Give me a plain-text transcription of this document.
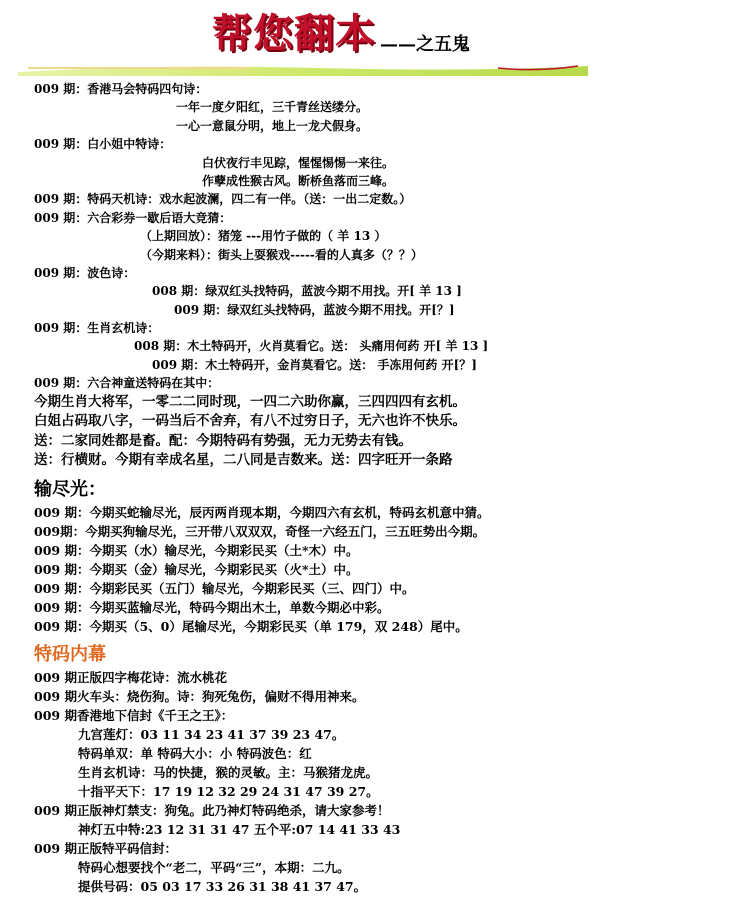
帮您翻本 ——之五鬼
009 期：香港马会特码四句诗：
一年一度夕阳红，三千青丝送缕分。
一心一意鼠分明，地上一龙犬假身。
009 期：白小姐中特诗：
白伏夜行丰见踪，惺惺惕惕一来往。
作孽成性猴古风。断桥鱼落而三峰。
009 期：特码天机诗：戏水起波澜，四二有一伴。（送：一出二定数。）
009 期：六合彩券一歇后语大竞猜：
（上期回放）：猪笼 ---用竹子做的（ 羊 13 ）
（今期来料）：街头上耍猴戏-----看的人真多（？？）
009 期：波色诗：
008 期：绿双红头找特码，蓝波今期不用找。开[ 羊 13 ]
009 期：绿双红头找特码，蓝波今期不用找。开[？]
009 期：生肖玄机诗：
008 期：木土特码开，火肖莫看它。送： 头痛用何药 开[ 羊 13 ]
009 期：木土特码开，金肖莫看它。送： 手冻用何药 开[？]
009 期：六合神童送特码在其中：
今期生肖大将军，一零二二同时现，一四二六助你赢，三四四四有玄机。
白姐占码取八字，一码当后不舍弃，有八不过穷日子，无六也许不快乐。
送：二家同姓都是畜。配：今期特码有势强，无力无势去有钱。
送：行横财。今期有幸成名星，二八同是吉数来。送：四字旺开一条路
输尽光：
009 期：今期买蛇输尽光，辰丙两肖现本期，今期四六有玄机，特码玄机意中猜。
009期：今期买狗输尽光，三开带八双双双，奇怪一六经五门，三五旺势出今期。
009 期：今期买（水）输尽光，今期彩民买（土*木）中。
009 期：今期买（金）输尽光，今期彩民买（火*土）中。
009 期：今期彩民买（五门）输尽光，今期彩民买（三、四门）中。
009 期：今期买蓝输尽光，特码今期出木土，单数今期必中彩。
009 期：今期买（5、0）尾输尽光，今期彩民买（单 179，双 248）尾中。
特码内幕
009 期正版四字梅花诗：流水桃花
009 期火车头：烧伤狗。诗：狗死兔伤，偏财不得用神来。
009 期香港地下信封《千王之王》：
九宫莲灯：03 11 34 23 41 37 39 23 47。
特码单双：单 特码大小：小 特码波色：红
生肖玄机诗：马的快捷，猴的灵敏。主：马猴猪龙虎。
十指平天下：17 19 12 32 29 24 31 47 39 27。
009 期正版神灯禁支：狗兔。此乃神灯特码绝杀，请大家参考！
神灯五中特:23 12 31 31 47 五个平:07 14 41 33 43
009 期正版特平码信封：
特码心想要找个“老二，平码“三”，本期：二九。
提供号码：05 03 17 33 26 31 38 41 37 47。
